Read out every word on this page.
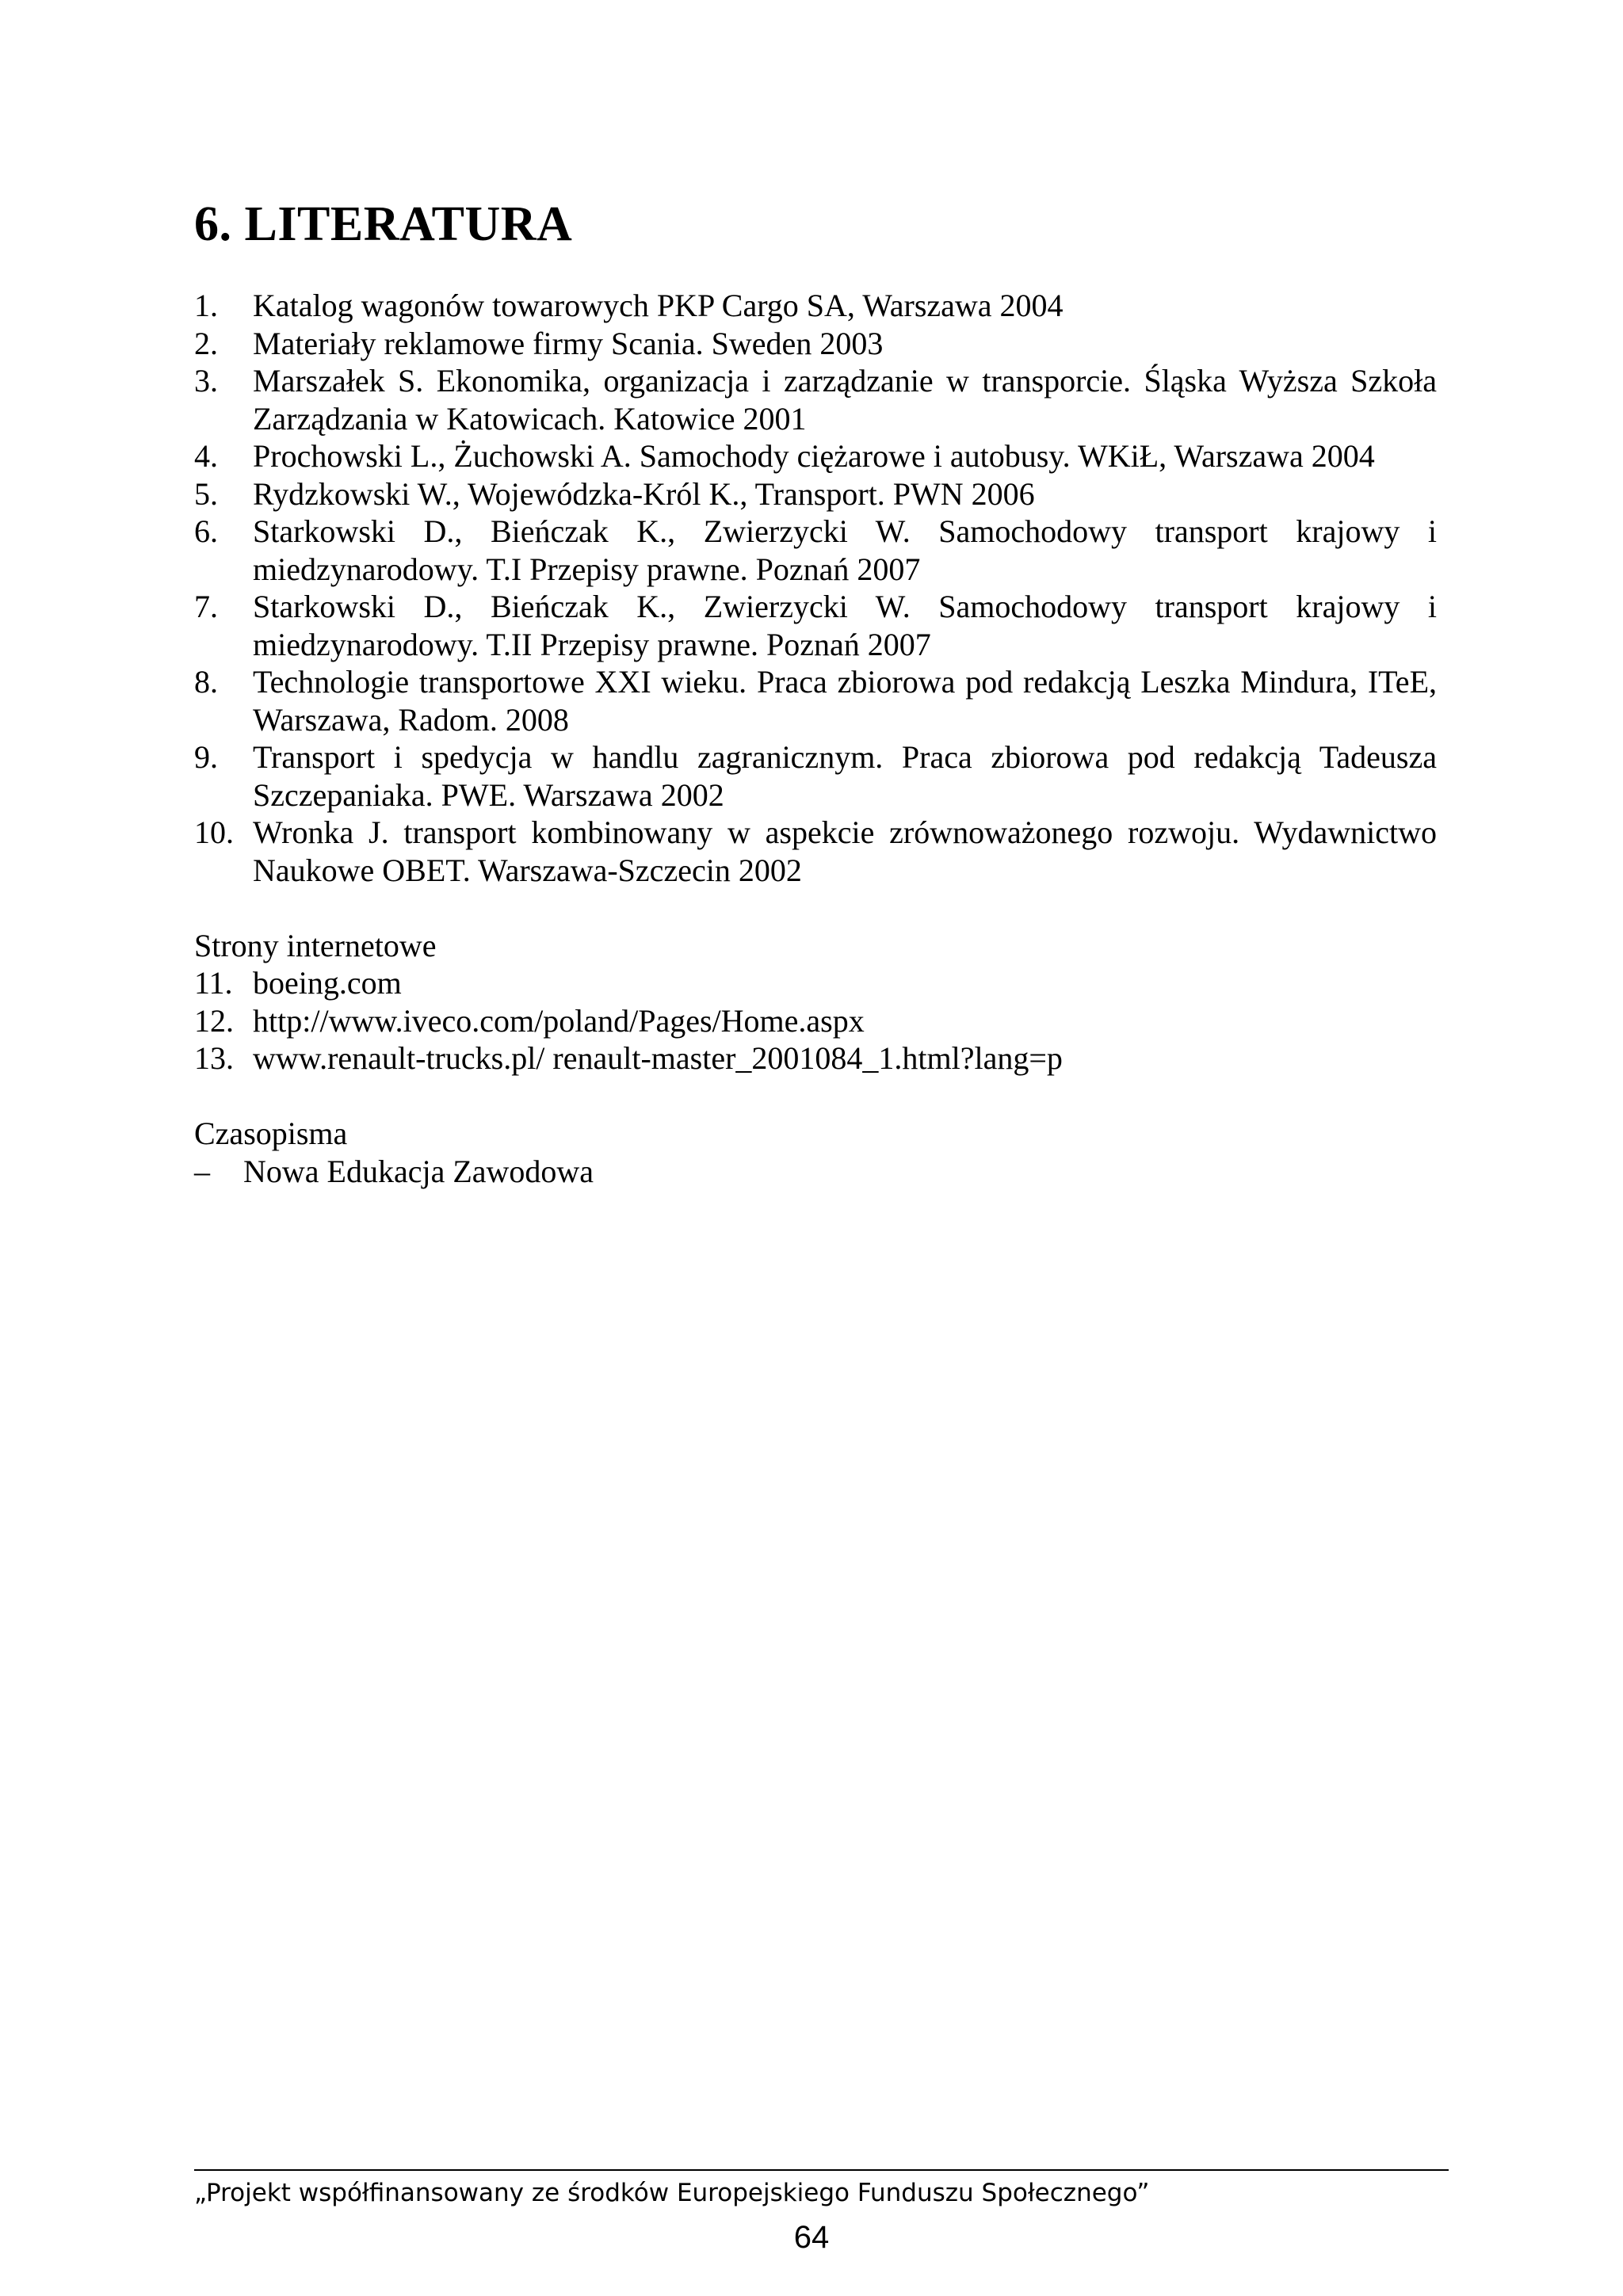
6. LITERATURA
1. Katalog wagonów towarowych PKP Cargo SA, Warszawa 2004
2. Materiały reklamowe firmy Scania. Sweden 2003
3. Marszałek S. Ekonomika, organizacja i zarządzanie w transporcie. Śląska Wyższa Szkoła Zarządzania w Katowicach. Katowice 2001
4. Prochowski L., Żuchowski A. Samochody ciężarowe i autobusy. WKiŁ, Warszawa 2004
5. Rydzkowski W., Wojewódzka-Król K., Transport. PWN 2006
6. Starkowski D., Bieńczak K., Zwierzycki W. Samochodowy transport krajowy i miedzynarodowy. T.I Przepisy prawne. Poznań 2007
7. Starkowski D., Bieńczak K., Zwierzycki W. Samochodowy transport krajowy i miedzynarodowy. T.II Przepisy prawne. Poznań 2007
8. Technologie transportowe XXI wieku. Praca zbiorowa pod redakcją Leszka Mindura, ITeE, Warszawa, Radom. 2008
9. Transport i spedycja w handlu zagranicznym. Praca zbiorowa pod redakcją Tadeusza Szczepaniaka. PWE. Warszawa 2002
10. Wronka J. transport kombinowany w aspekcie zrównoważonego rozwoju. Wydawnictwo Naukowe OBET. Warszawa-Szczecin 2002

Strony internetowe

11. boeing.com
12. http://www.iveco.com/poland/Pages/Home.aspx
13. www.renault-trucks.pl/ renault-master_2001084_1.html?lang=p

Czasopisma

– Nowa Edukacja Zawodowa
„Projekt współfinansowany ze środków Europejskiego Funduszu Społecznego”
64
